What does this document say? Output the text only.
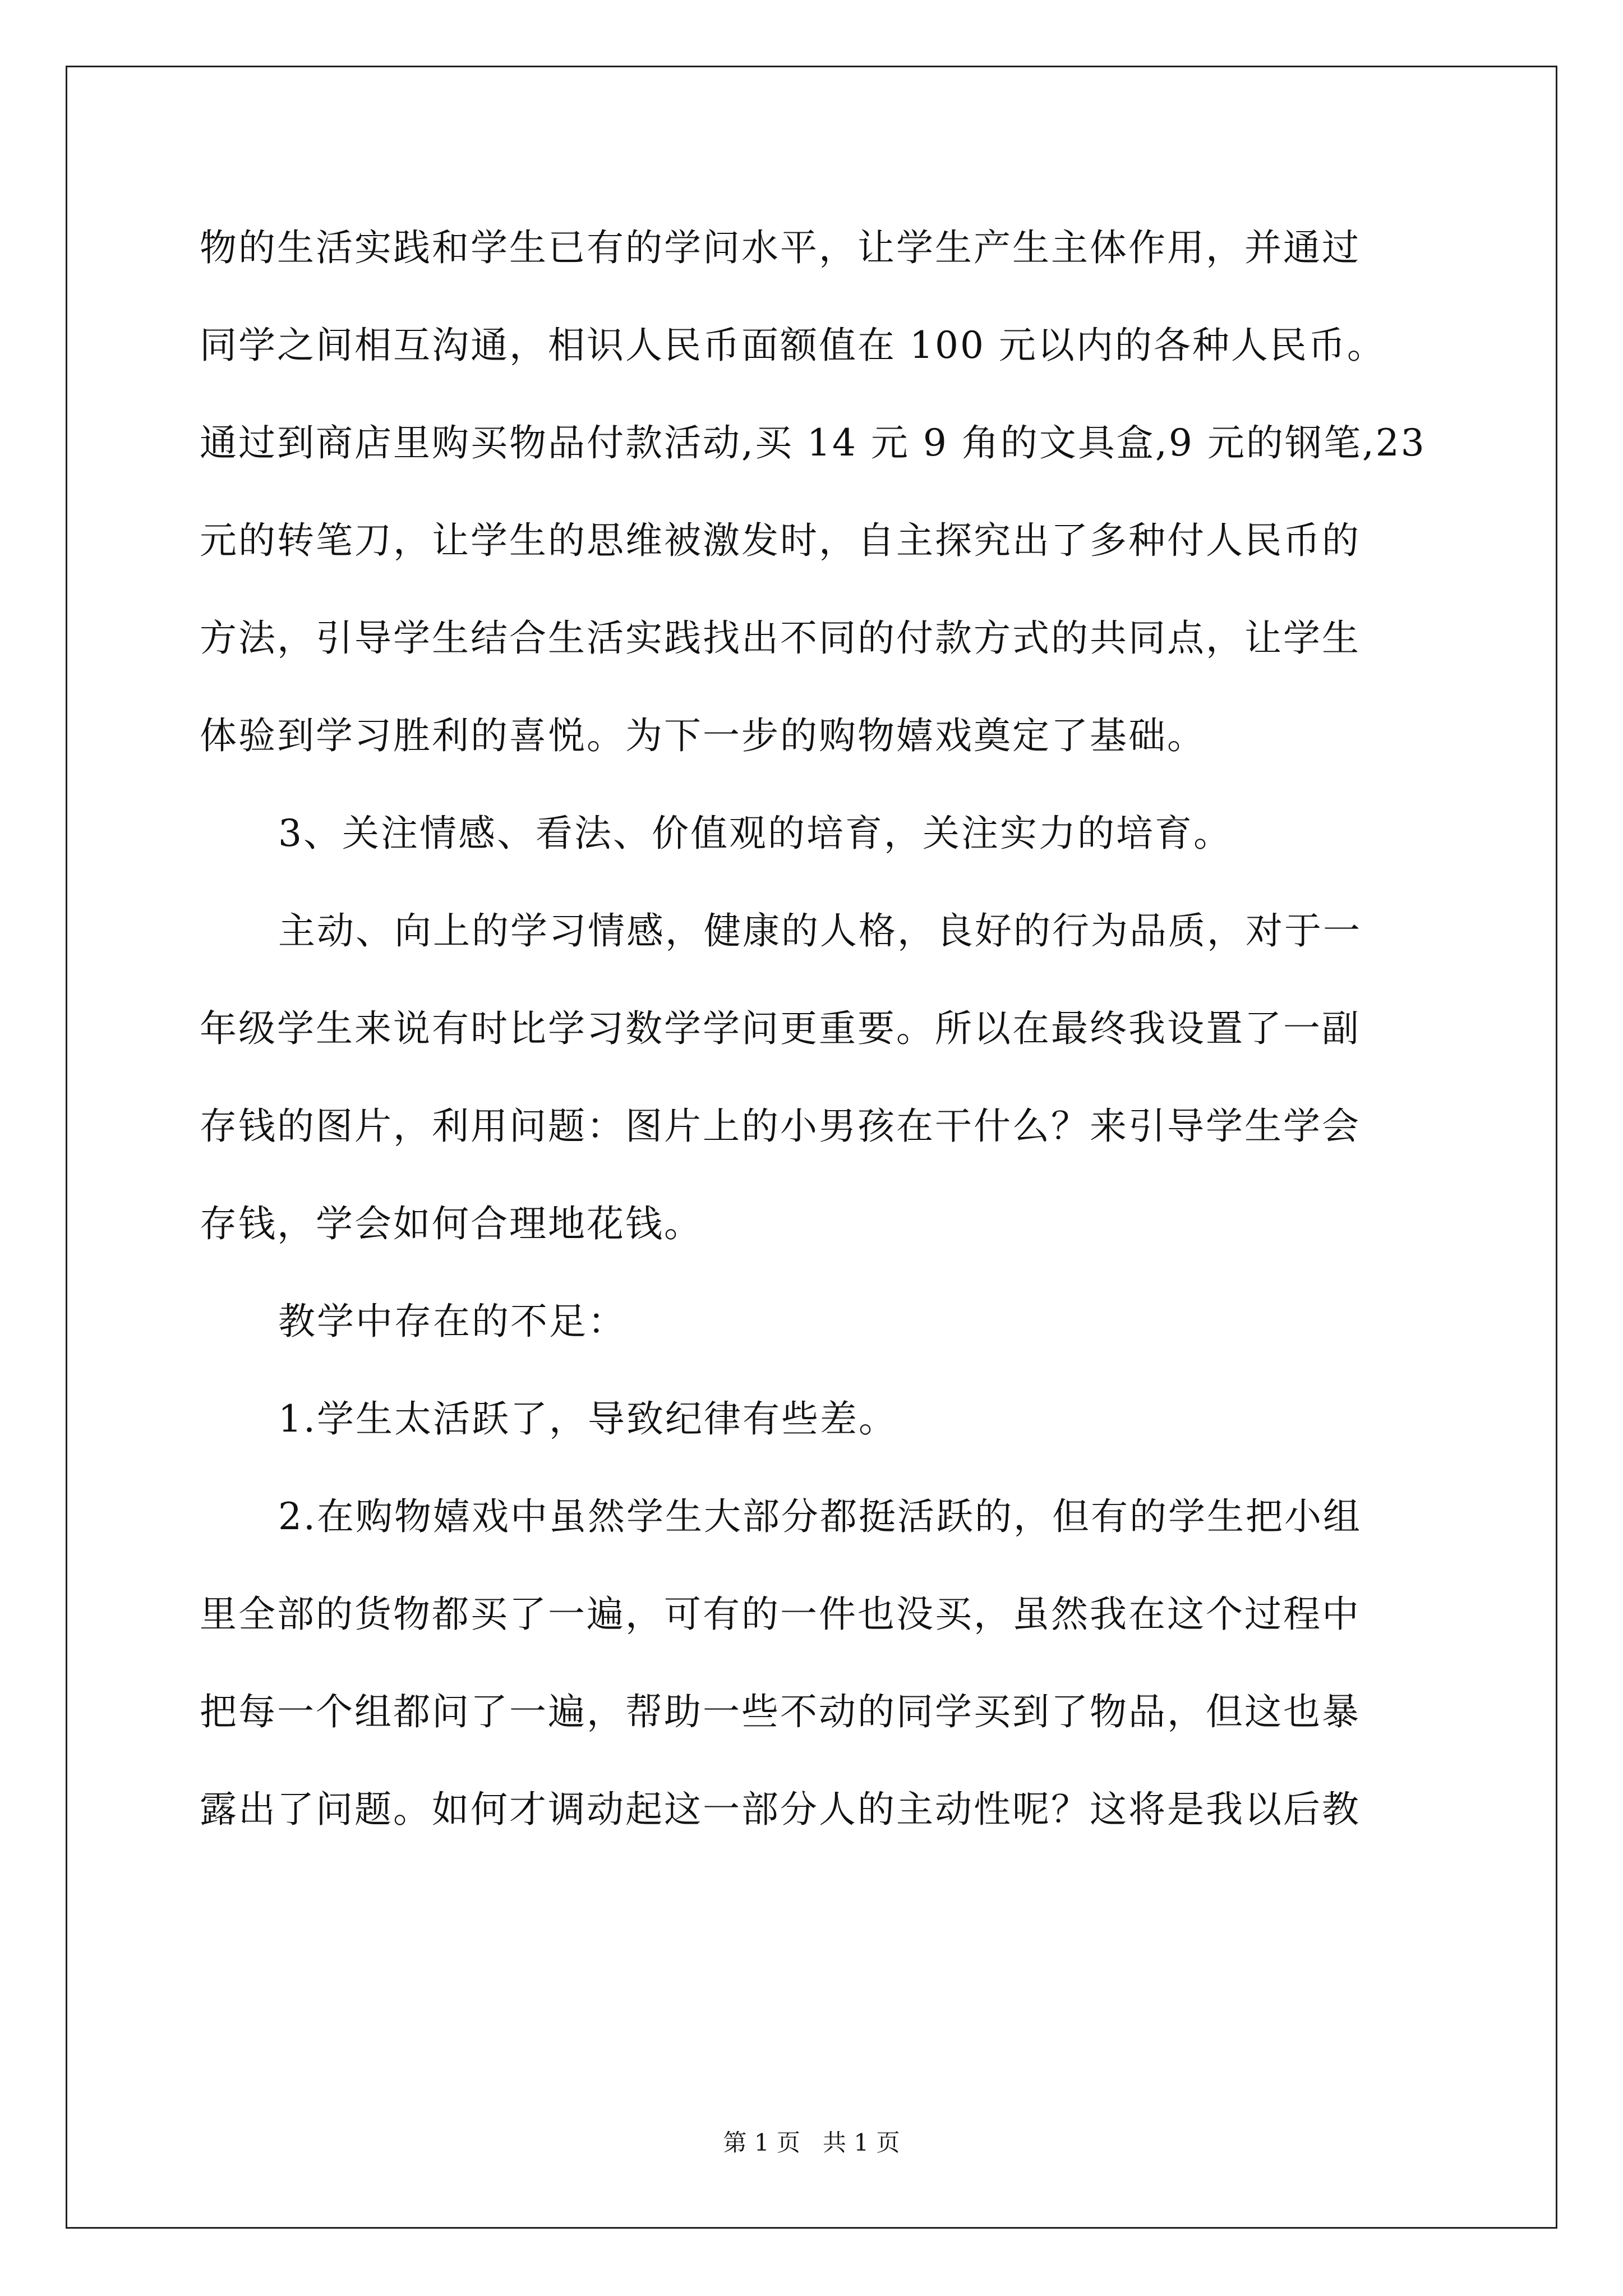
物的生活实践和学生已有的学问水平，让学生产生主体作用，并通过
同学之间相互沟通，相识人民币面额值在 100 元以内的各种人民币。
通过到商店里购买物品付款活动,买 14 元 9 角的文具盒,9 元的钢笔,23
元的转笔刀，让学生的思维被激发时，自主探究出了多种付人民币的
方法，引导学生结合生活实践找出不同的付款方式的共同点，让学生
体验到学习胜利的喜悦。为下一步的购物嬉戏奠定了基础。
3、关注情感、看法、价值观的培育，关注实力的培育。
主动、向上的学习情感，健康的人格，良好的行为品质，对于一
年级学生来说有时比学习数学学问更重要。所以在最终我设置了一副
存钱的图片，利用问题：图片上的小男孩在干什么？来引导学生学会
存钱，学会如何合理地花钱。
教学中存在的不足：
1.学生太活跃了，导致纪律有些差。
2.在购物嬉戏中虽然学生大部分都挺活跃的，但有的学生把小组
里全部的货物都买了一遍，可有的一件也没买，虽然我在这个过程中
把每一个组都问了一遍，帮助一些不动的同学买到了物品，但这也暴
露出了问题。如何才调动起这一部分人的主动性呢？这将是我以后教
第 1 页   共 1 页
